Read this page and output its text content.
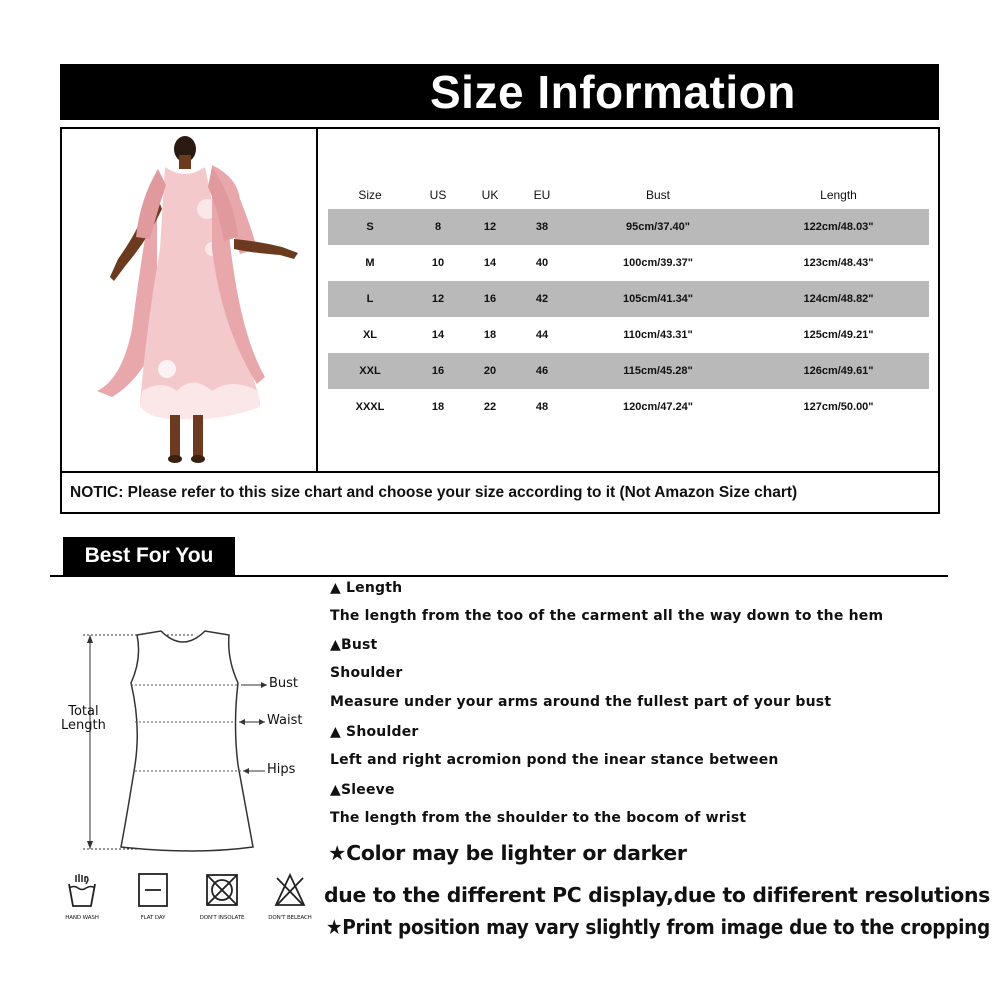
Size Information
Size	US	UK	EU	Bust	Length
S	8	12	38	95cm/37.40"	122cm/48.03"
M	10	14	40	100cm/39.37"	123cm/48.43"
L	12	16	42	105cm/41.34"	124cm/48.82"
XL	14	18	44	110cm/43.31"	125cm/49.21"
XXL	16	20	46	115cm/45.28"	126cm/49.61"
XXXL	18	22	48	120cm/47.24"	127cm/50.00"
NOTIC: Please refer to this size chart and choose your size according to it (Not Amazon Size chart)
Best For You
Total
Length
Bust
Waist
Hips
HAND WASH	FLAT DAY	DON'T INSOLATE	DON'T BELEACH
▲ Length
The length from the too of the carment all the way down to the hem
▲Bust
Shoulder
Measure under your arms around the fullest part of your bust
▲ Shoulder
Left and right acromion pond the inear stance between
▲Sleeve
The length from the shoulder to the bocom of wrist
★Color may be lighter or darker
due to the different PC display,due to dififerent resolutions
★Print position may vary slightly from image due to the cropping
